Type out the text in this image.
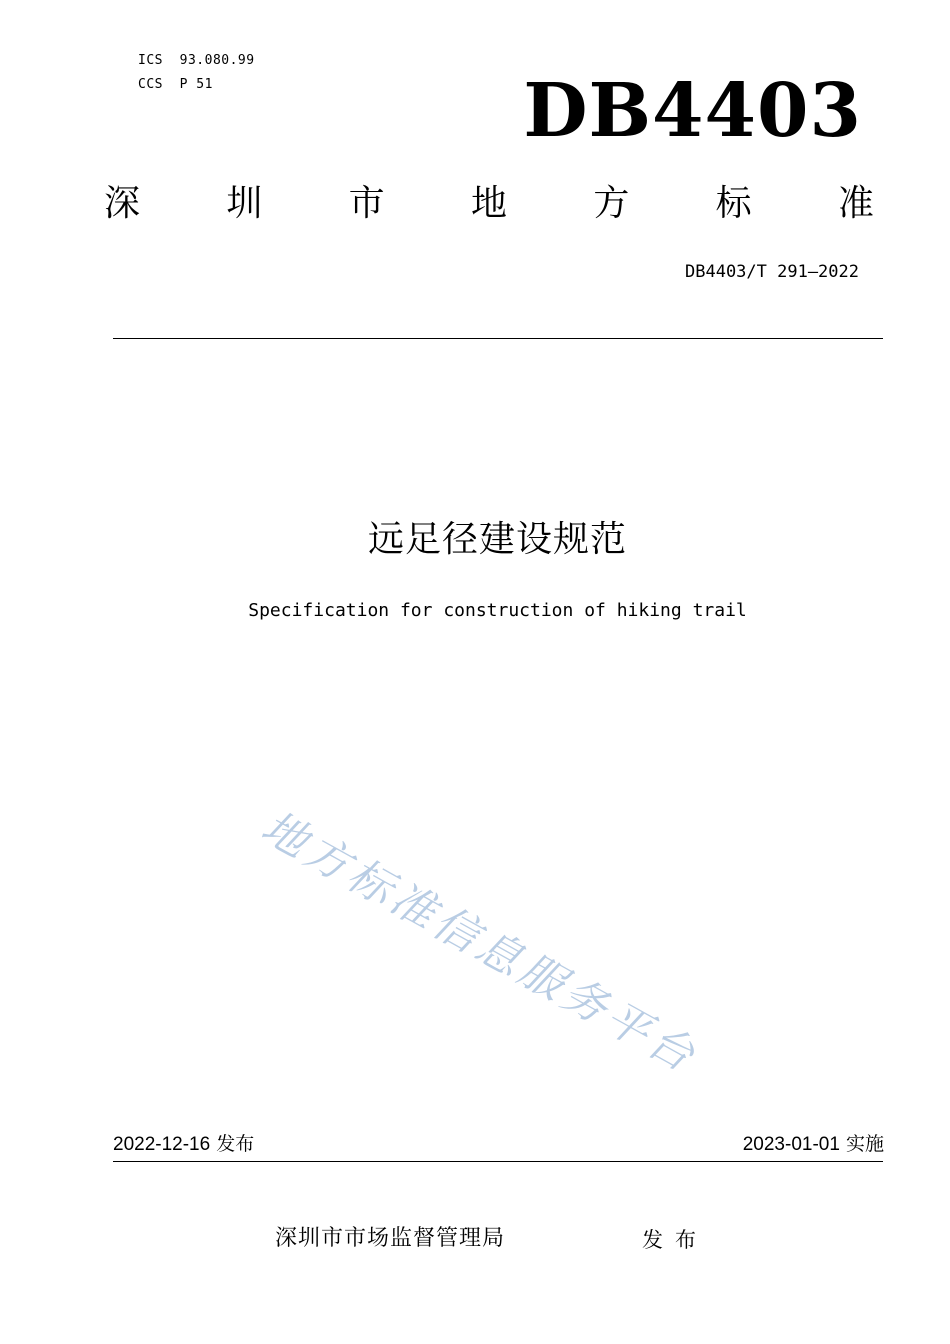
ICS  93.080.99
CCS  P 51	DB4403
深 圳 市 地 方 标 准
DB4403/T 291—2022
远足径建设规范
Specification for construction of hiking trail
地方标准信息服务平台
2022-12-16 发布	2023-01-01 实施
深圳市市场监督管理局	发布
